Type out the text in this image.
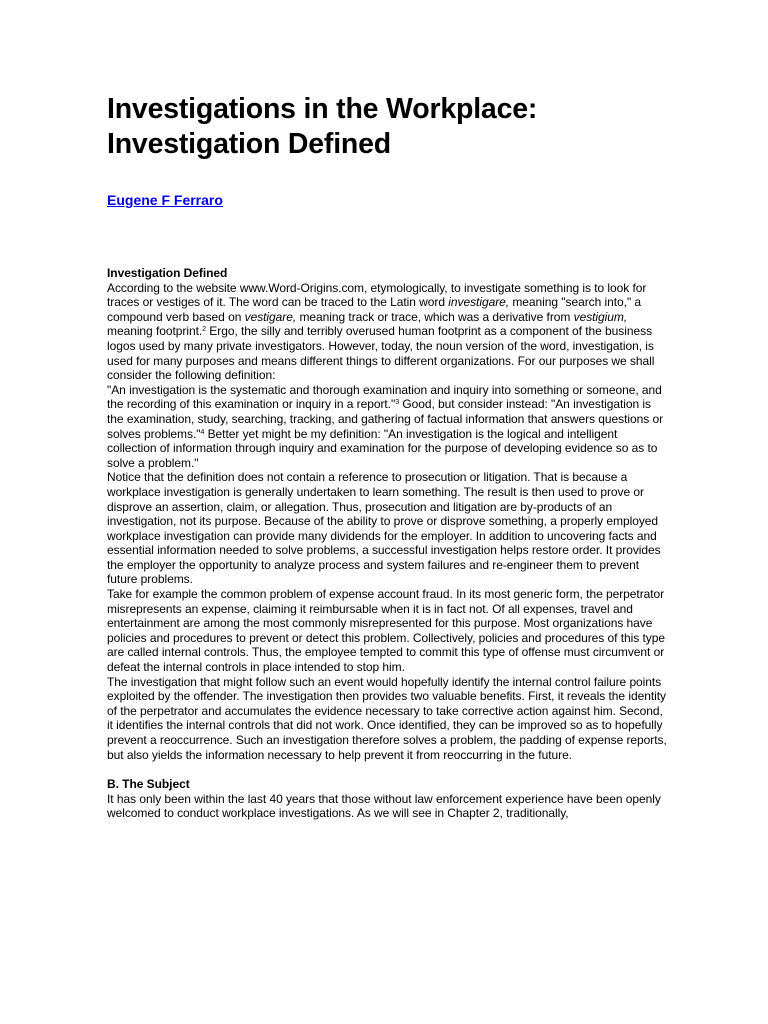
Investigations in the Workplace:
Investigation Defined
Eugene F Ferraro
Investigation Defined

According to the website www.Word-Origins.com, etymologically, to investigate something is to look for traces or vestiges of it. The word can be traced to the Latin word investigare, meaning "search into," a compound verb based on vestigare, meaning track or trace, which was a derivative from vestigium, meaning footprint.$^2$ Ergo, the silly and terribly overused human footprint as a component of the business logos used by many private investigators. However, today, the noun version of the word, investigation, is used for many purposes and means different things to different organizations. For our purposes we shall consider the following definition:

"An investigation is the systematic and thorough examination and inquiry into something or someone, and the recording of this examination or inquiry in a report."$^3$ Good, but consider instead: "An investigation is the examination, study, searching, tracking, and gathering of factual information that answers questions or solves problems."$^4$ Better yet might be my definition: "An investigation is the logical and intelligent collection of information through inquiry and examination for the purpose of developing evidence so as to solve a problem."

Notice that the definition does not contain a reference to prosecution or litigation. That is because a workplace investigation is generally undertaken to learn something. The result is then used to prove or disprove an assertion, claim, or allegation. Thus, prosecution and litigation are by-products of an investigation, not its purpose. Because of the ability to prove or disprove something, a properly employed workplace investigation can provide many dividends for the employer. In addition to uncovering facts and essential information needed to solve problems, a successful investigation helps restore order. It provides the employer the opportunity to analyze process and system failures and re-engineer them to prevent future problems.

Take for example the common problem of expense account fraud. In its most generic form, the perpetrator misrepresents an expense, claiming it reimbursable when it is in fact not. Of all expenses, travel and entertainment are among the most commonly misrepresented for this purpose. Most organizations have policies and procedures to prevent or detect this problem. Collectively, policies and procedures of this type are called internal controls. Thus, the employee tempted to commit this type of offense must circumvent or defeat the internal controls in place intended to stop him.

The investigation that might follow such an event would hopefully identify the internal control failure points exploited by the offender. The investigation then provides two valuable benefits. First, it reveals the identity of the perpetrator and accumulates the evidence necessary to take corrective action against him. Second, it identifies the internal controls that did not work. Once identified, they can be improved so as to hopefully prevent a reoccurrence. Such an investigation therefore solves a problem, the padding of expense reports, but also yields the information necessary to help prevent it from reoccurring in the future.

B. The Subject

It has only been within the last 40 years that those without law enforcement experience have been openly welcomed to conduct workplace investigations. As we will see in Chapter 2, traditionally,
